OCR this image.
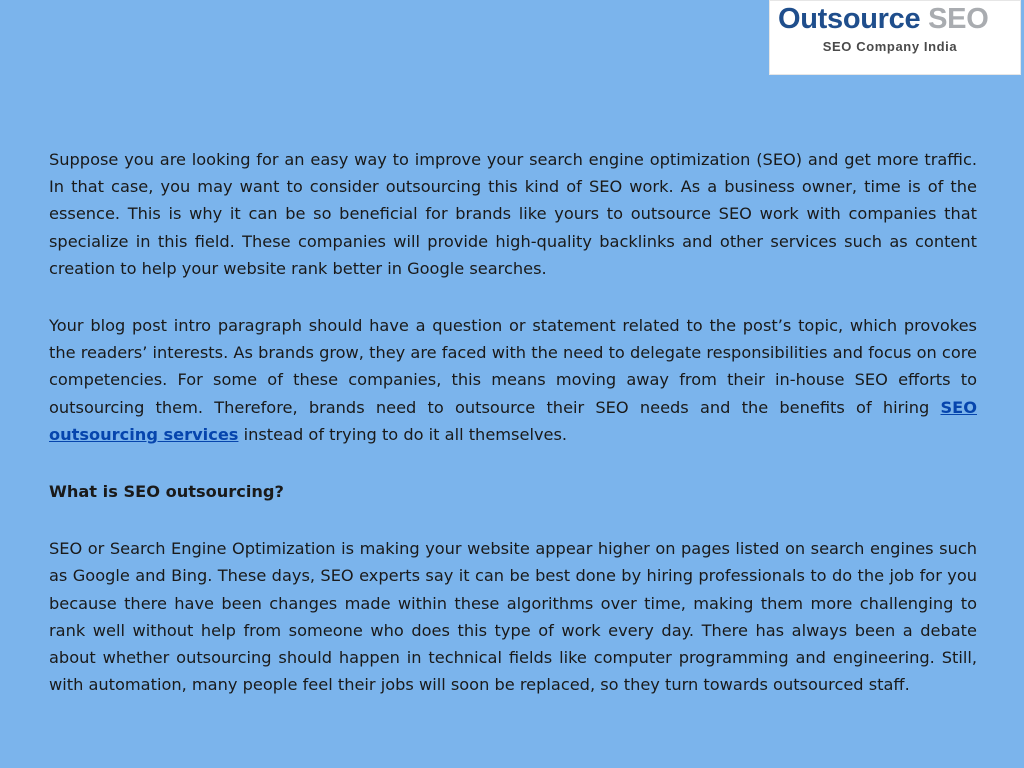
Outsource SEO
SEO Company India

Suppose you are looking for an easy way to improve your search engine optimization (SEO) and get more traffic. In that case, you may want to consider outsourcing this kind of SEO work. As a business owner, time is of the essence. This is why it can be so beneficial for brands like yours to outsource SEO work with companies that specialize in this field. These companies will provide high-quality backlinks and other services such as content creation to help your website rank better in Google searches.

Your blog post intro paragraph should have a question or statement related to the post’s topic, which provokes the readers’ interests. As brands grow, they are faced with the need to delegate responsibilities and focus on core competencies. For some of these companies, this means moving away from their in-house SEO efforts to outsourcing them. Therefore, brands need to outsource their SEO needs and the benefits of hiring SEO outsourcing services instead of trying to do it all themselves.

What is SEO outsourcing?

SEO or Search Engine Optimization is making your website appear higher on pages listed on search engines such as Google and Bing. These days, SEO experts say it can be best done by hiring professionals to do the job for you because there have been changes made within these algorithms over time, making them more challenging to rank well without help from someone who does this type of work every day. There has always been a debate about whether outsourcing should happen in technical fields like computer programming and engineering. Still, with automation, many people feel their jobs will soon be replaced, so they turn towards outsourced staff.
